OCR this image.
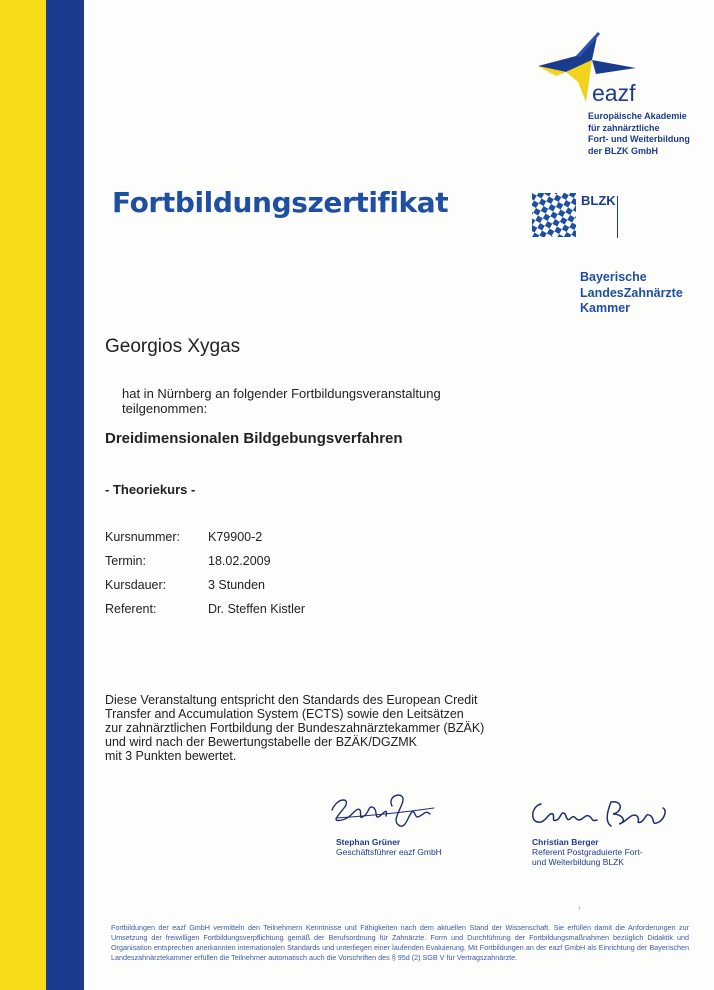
eazf
Europäische Akademie
für zahnärztliche
Fort- und Weiterbildung
der BLZK GmbH
Fortbildungszertifikat	BLZK
Bayerische
LandesZahnärzte
Kammer
Georgios Xygas
hat in Nürnberg an folgender Fortbildungsveranstaltung
teilgenommen:
Dreidimensionalen Bildgebungsverfahren
- Theoriekurs -
Kursnummer: K79900-2
Termin:	18.02.2009
Kursdauer:	3 Stunden
Referent:	Dr. Steffen Kistler
Diese Veranstaltung entspricht den Standards des European Credit
Transfer and Accumulation System (ECTS) sowie den Leitsätzen
zur zahnärztlichen Fortbildung der Bundeszahnärztekammer (BZÄK)
und wird nach der Bewertungstabelle der BZÄK/DGZMK
mit 3 Punkten bewertet.
Stephan Grüner
Geschäftsführer eazf GmbH
Christian Berger
Referent Postgraduierte Fort-
und Weiterbildung BLZK
›
Fortbildungen der eazf GmbH vermitteln den Teilnehmern Kenntnisse und Fähigkeiten nach dem aktuellen Stand der Wissenschaft. Sie erfüllen damit die Anforderungen zur Umsetzung der freiwilligen Fortbildungsverpflichtung gemäß der Berufsordnung für Zahnärzte. Form und Durchführung der Fortbildungsmaßnahmen bezüglich Didaktik und Organisation entsprechen anerkannten internationalen Standards und unterliegen einer laufenden Evaluierung. Mit Fortbildungen an der eazf GmbH als Einrichtung der Bayerischen Landeszahnärztekammer erfüllen die Teilnehmer automatisch auch die Vorschriften des § 95d (2) SGB V für Vertragszahnärzte.
